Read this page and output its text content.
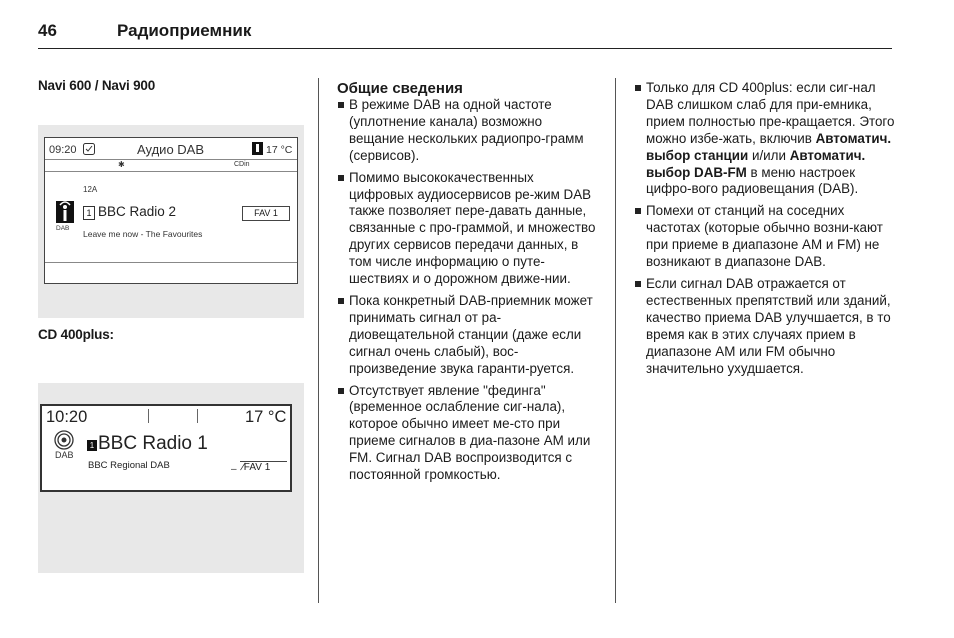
46	Радиоприемник
Navi 600 / Navi 900
09:20	Аудио DAB	17 °C
✱	CDin
12A
1 BBC Radio 2	FAV 1
DAB
Leave me now - The Favourites
CD 400plus:
10:20	17 °C
DAB
1 BBC Radio 1
BBC Regional DAB	– /FAV 1
Общие сведения
В режиме DAB на одной частоте (уплотнение канала) возможно вещание нескольких радиопро-грамм (сервисов).
Помимо высококачественных цифровых аудиосервисов ре-жим DAB также позволяет пере-давать данные, связанные с про-граммой, и множество других сервисов передачи данных, в том числе информацию о путе-шествиях и о дорожном движе-нии.
Пока конкретный DAB-приемник может принимать сигнал от ра-диовещательной станции (даже если сигнал очень слабый), вос-произведение звука гаранти-руется.
Отсутствует явление "фединга" (временное ослабление сиг-нала), которое обычно имеет ме-сто при приеме сигналов в диа-пазоне AM или FM. Сигнал DAB воспроизводится с постоянной громкостью.
Только для CD 400plus: если сиг-нал DAB слишком слаб для при-емника, прием полностью пре-кращается. Этого можно избе-жать, включив Автоматич. выбор станции и/или Автоматич. выбор DAB-FM в меню настроек цифро-вого радиовещания (DAB).
Помехи от станций на соседних частотах (которые обычно возни-кают при приеме в диапазоне AM и FM) не возникают в диапазоне DAB.
Если сигнал DAB отражается от естественных препятствий или зданий, качество приема DAB улучшается, в то время как в этих случаях прием в диапазоне AM или FM обычно значительно ухудшается.
